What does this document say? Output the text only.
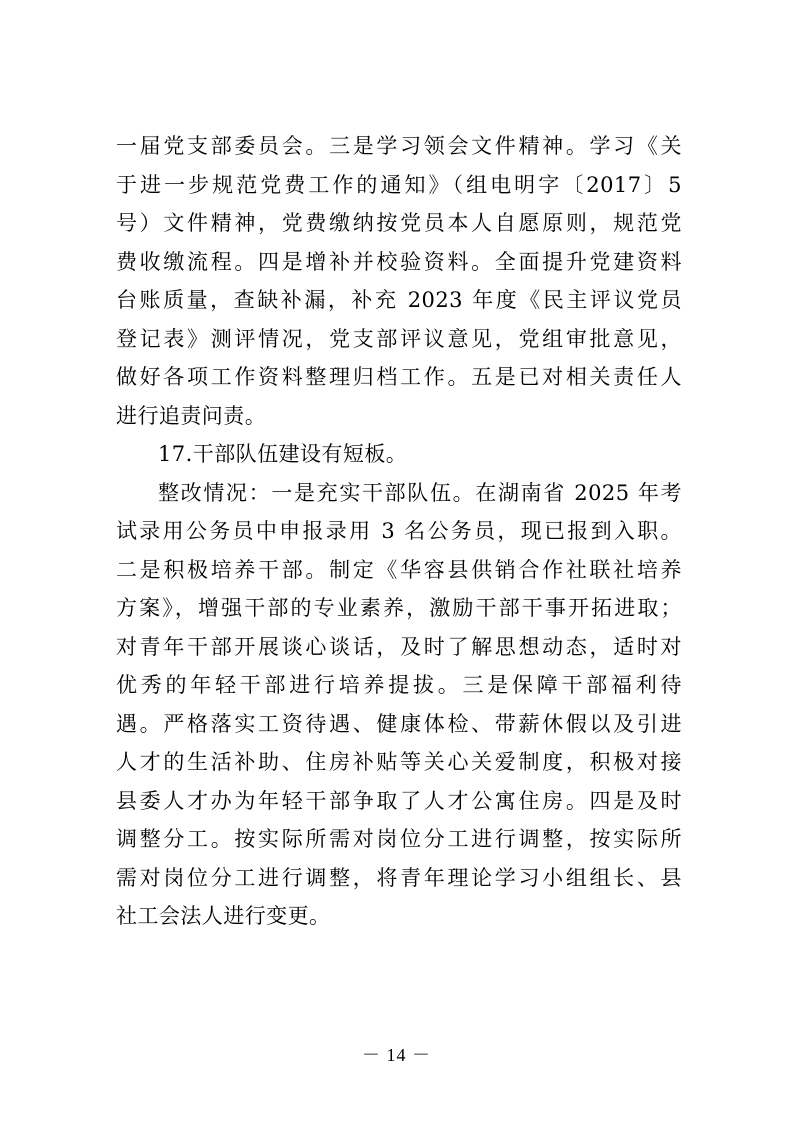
一届党支部委员会。三是学习领会文件精神。学习《关
于进一步规范党费工作的通知》（组电明字〔2017〕5
号）文件精神，党费缴纳按党员本人自愿原则，规范党
费收缴流程。四是增补并校验资料。全面提升党建资料
台账质量，查缺补漏，补充 2023 年度《民主评议党员
登记表》测评情况，党支部评议意见，党组审批意见，
做好各项工作资料整理归档工作。五是已对相关责任人
进行追责问责。
17.干部队伍建设有短板。
整改情况：一是充实干部队伍。在湖南省 2025 年考
试录用公务员中申报录用 3 名公务员，现已报到入职。
二是积极培养干部。制定《华容县供销合作社联社培养
方案》，增强干部的专业素养，激励干部干事开拓进取；
对青年干部开展谈心谈话，及时了解思想动态，适时对
优秀的年轻干部进行培养提拔。三是保障干部福利待
遇。严格落实工资待遇、健康体检、带薪休假以及引进
人才的生活补助、住房补贴等关心关爱制度，积极对接
县委人才办为年轻干部争取了人才公寓住房。四是及时
调整分工。按实际所需对岗位分工进行调整，按实际所
需对岗位分工进行调整，将青年理论学习小组组长、县
社工会法人进行变更。
－ 14 －
